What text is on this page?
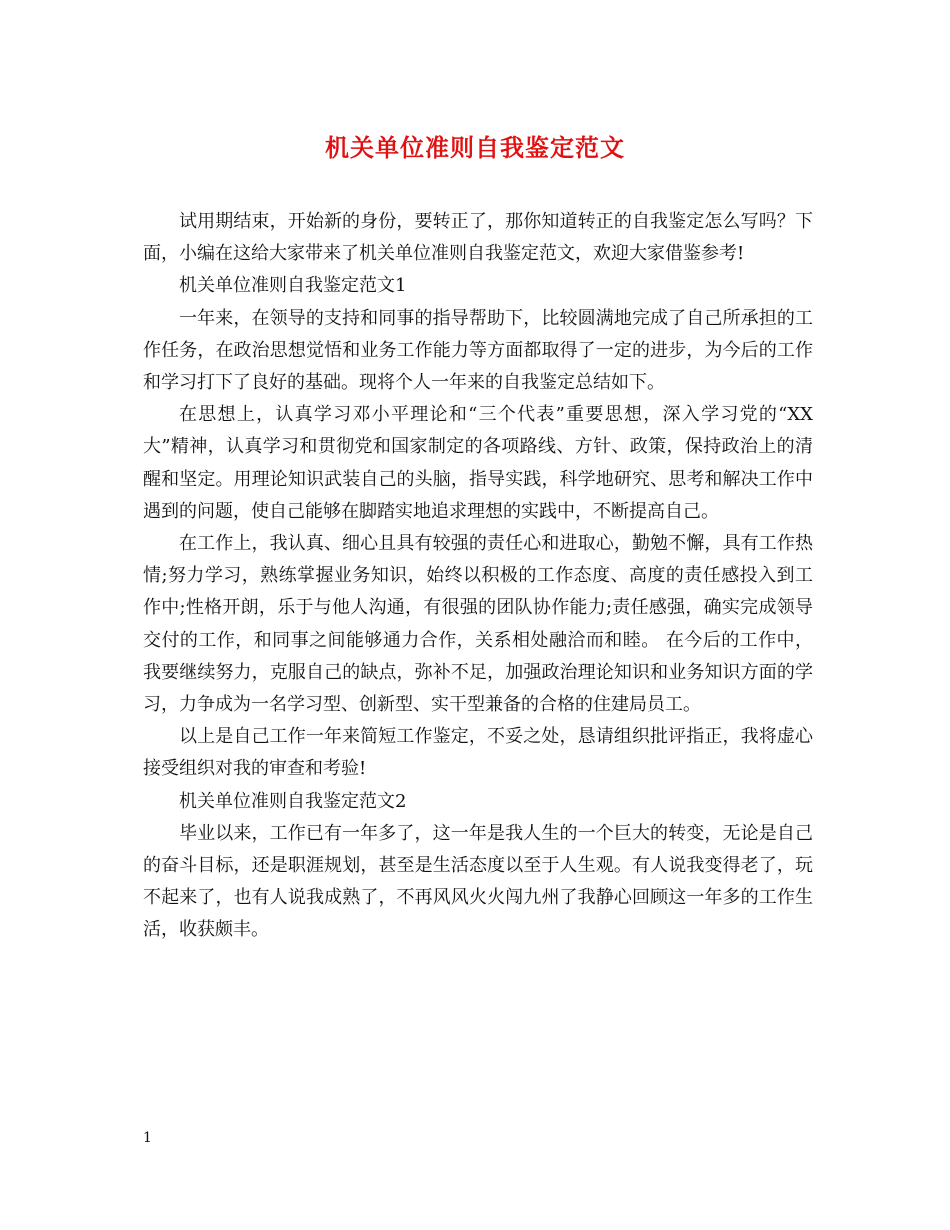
机关单位准则自我鉴定范文

试用期结束，开始新的身份，要转正了，那你知道转正的自我鉴定怎么写吗？下面，小编在这给大家带来了机关单位准则自我鉴定范文，欢迎大家借鉴参考!

机关单位准则自我鉴定范文1

一年来，在领导的支持和同事的指导帮助下，比较圆满地完成了自己所承担的工作任务，在政治思想觉悟和业务工作能力等方面都取得了一定的进步，为今后的工作和学习打下了良好的基础。现将个人一年来的自我鉴定总结如下。

在思想上，认真学习邓小平理论和“三个代表”重要思想，深入学习党的“XX大”精神，认真学习和贯彻党和国家制定的各项路线、方针、政策，保持政治上的清醒和坚定。用理论知识武装自己的头脑，指导实践，科学地研究、思考和解决工作中遇到的问题，使自己能够在脚踏实地追求理想的实践中，不断提高自己。

在工作上，我认真、细心且具有较强的责任心和进取心，勤勉不懈，具有工作热情;努力学习，熟练掌握业务知识，始终以积极的工作态度、高度的责任感投入到工作中;性格开朗，乐于与他人沟通，有很强的团队协作能力;责任感强，确实完成领导交付的工作，和同事之间能够通力合作，关系相处融洽而和睦。 在今后的工作中，我要继续努力，克服自己的缺点，弥补不足，加强政治理论知识和业务知识方面的学习，力争成为一名学习型、创新型、实干型兼备的合格的住建局员工。

以上是自己工作一年来简短工作鉴定，不妥之处，恳请组织批评指正，我将虚心接受组织对我的审查和考验!

机关单位准则自我鉴定范文2

毕业以来，工作已有一年多了，这一年是我人生的一个巨大的转变，无论是自己的奋斗目标，还是职涯规划，甚至是生活态度以至于人生观。有人说我变得老了，玩不起来了，也有人说我成熟了，不再风风火火闯九州了我静心回顾这一年多的工作生活，收获颇丰。

1
